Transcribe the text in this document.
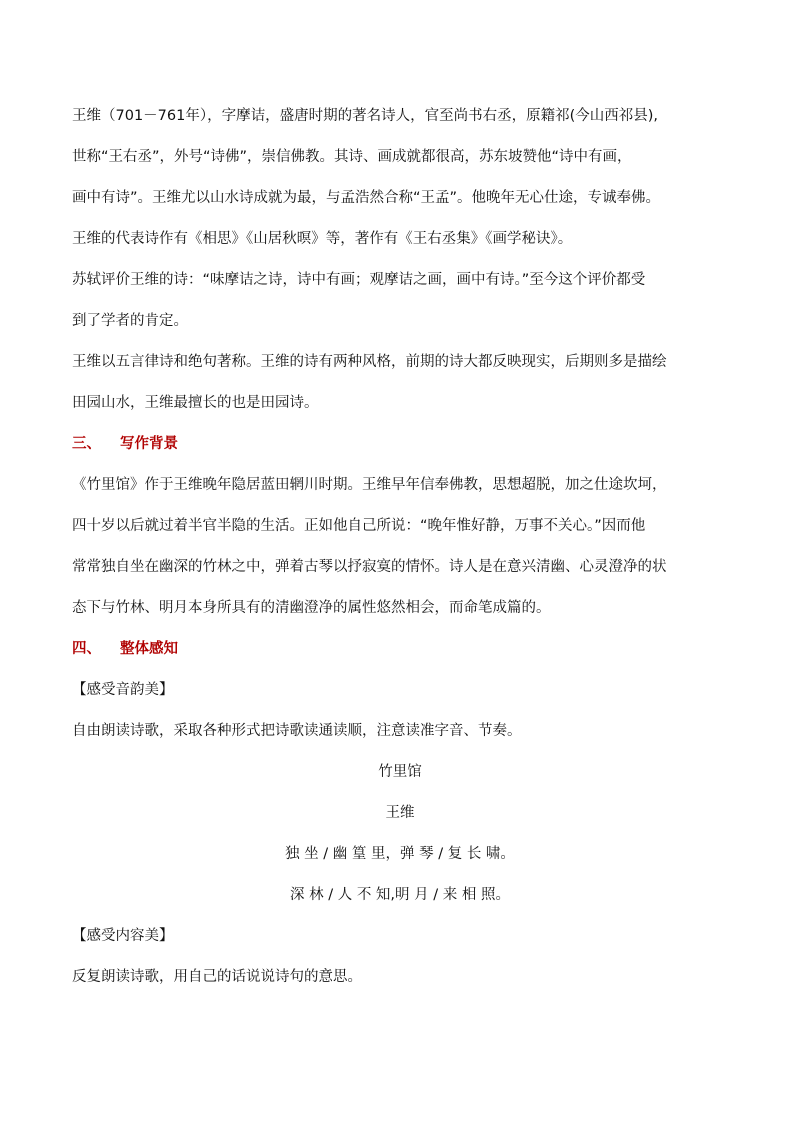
王维（701－761年），字摩诘，盛唐时期的著名诗人，官至尚书右丞，原籍祁(今山西祁县),

世称“王右丞”，外号“诗佛”，崇信佛教。其诗、画成就都很高，苏东坡赞他“诗中有画，

画中有诗”。王维尤以山水诗成就为最，与孟浩然合称“王孟”。他晚年无心仕途，专诚奉佛。

王维的代表诗作有《相思》《山居秋暝》等，著作有《王右丞集》《画学秘诀》。

苏轼评价王维的诗：“味摩诘之诗，诗中有画；观摩诘之画，画中有诗。”至今这个评价都受

到了学者的肯定。

王维以五言律诗和绝句著称。王维的诗有两种风格，前期的诗大都反映现实，后期则多是描绘

田园山水，王维最擅长的也是田园诗。

三、 写作背景

《竹里馆》作于王维晚年隐居蓝田辋川时期。王维早年信奉佛教，思想超脱，加之仕途坎坷，

四十岁以后就过着半官半隐的生活。正如他自己所说：“晚年惟好静，万事不关心。”因而他

常常独自坐在幽深的竹林之中，弹着古琴以抒寂寞的情怀。诗人是在意兴清幽、心灵澄净的状

态下与竹林、明月本身所具有的清幽澄净的属性悠然相会，而命笔成篇的。

四、 整体感知

【感受音韵美】

自由朗读诗歌，采取各种形式把诗歌读通读顺，注意读准字音、节奏。

竹里馆

王维

独 坐 / 幽 篁 里，弹 琴 / 复 长 啸。

深 林 / 人 不 知,明 月 / 来 相 照。

【感受内容美】

反复朗读诗歌，用自己的话说说诗句的意思。
